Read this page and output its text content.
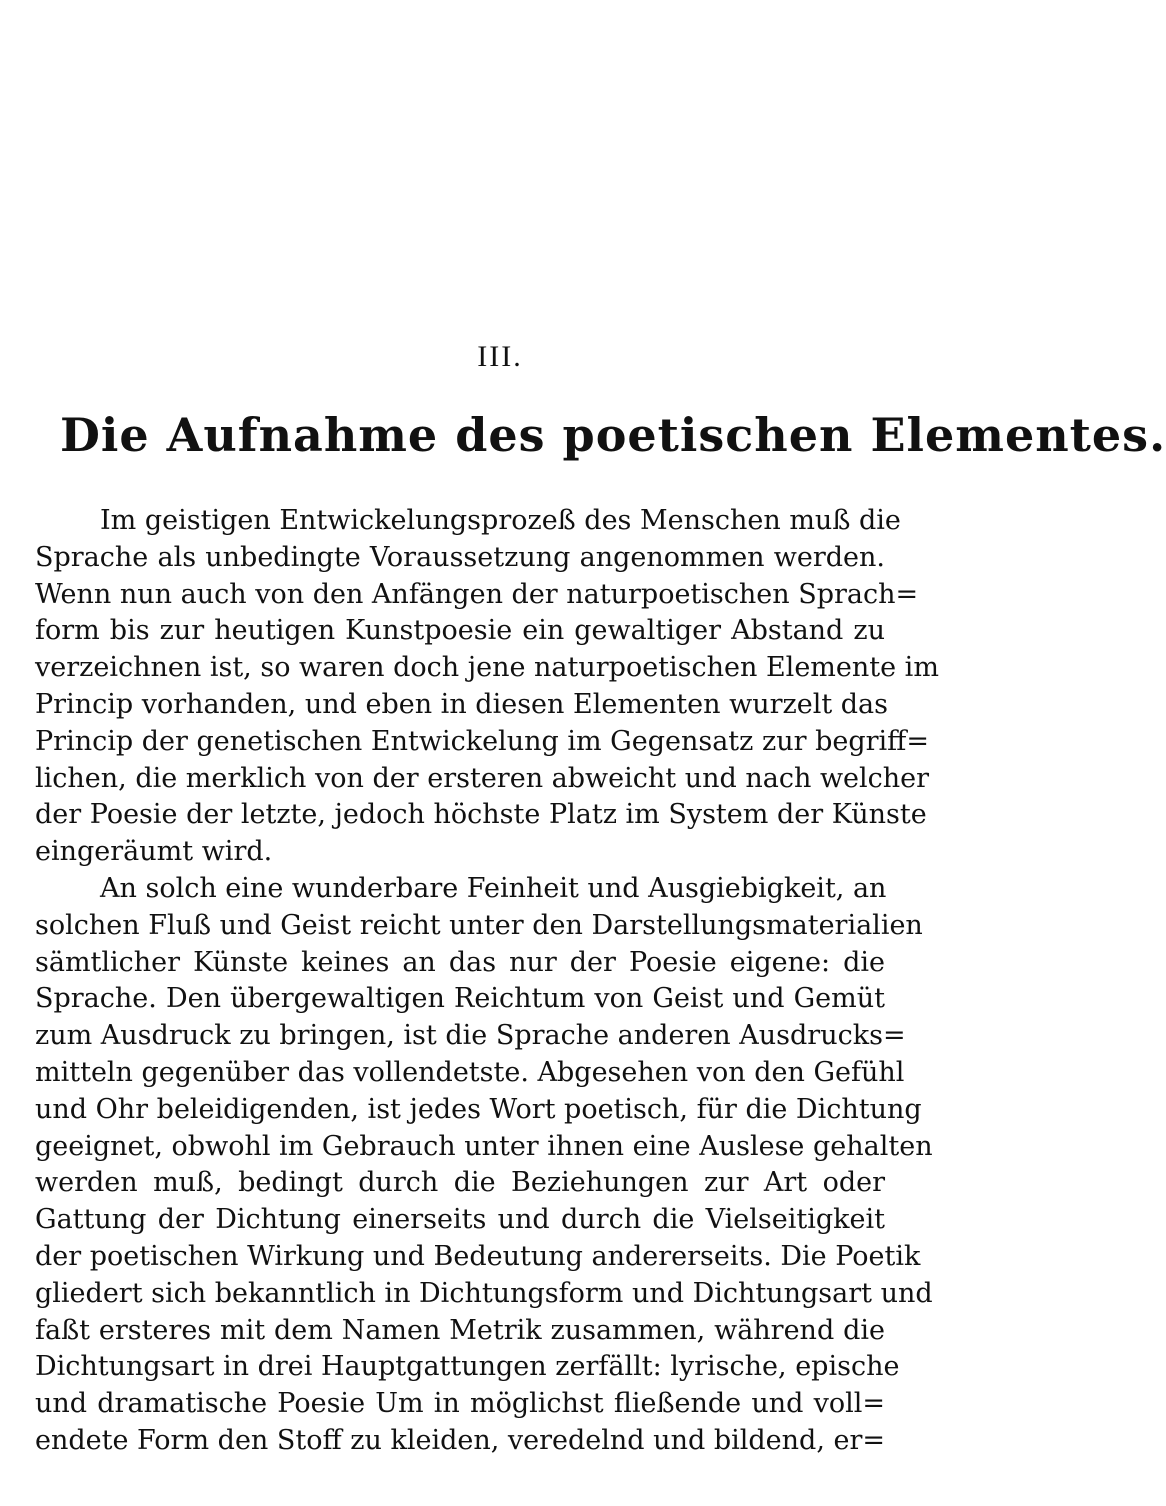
III.
Die Aufnahme des poetischen Elementes.
Im geistigen Entwickelungsprozeß des Menschen muß die
Sprache als unbedingte Voraussetzung angenommen werden.
Wenn nun auch von den Anfängen der naturpoetischen Sprach=
form bis zur heutigen Kunstpoesie ein gewaltiger Abstand zu
verzeichnen ist, so waren doch jene naturpoetischen Elemente im
Princip vorhanden, und eben in diesen Elementen wurzelt das
Princip der genetischen Entwickelung im Gegensatz zur begriff=
lichen, die merklich von der ersteren abweicht und nach welcher
der Poesie der letzte, jedoch höchste Platz im System der Künste
eingeräumt wird.
An solch eine wunderbare Feinheit und Ausgiebigkeit, an
solchen Fluß und Geist reicht unter den Darstellungsmaterialien
sämtlicher Künste keines an das nur der Poesie eigene: die
Sprache. Den übergewaltigen Reichtum von Geist und Gemüt
zum Ausdruck zu bringen, ist die Sprache anderen Ausdrucks=
mitteln gegenüber das vollendetste. Abgesehen von den Gefühl
und Ohr beleidigenden, ist jedes Wort poetisch, für die Dichtung
geeignet, obwohl im Gebrauch unter ihnen eine Auslese gehalten
werden muß, bedingt durch die Beziehungen zur Art oder
Gattung der Dichtung einerseits und durch die Vielseitigkeit
der poetischen Wirkung und Bedeutung andererseits. Die Poetik
gliedert sich bekanntlich in Dichtungsform und Dichtungsart und
faßt ersteres mit dem Namen Metrik zusammen, während die
Dichtungsart in drei Hauptgattungen zerfällt: lyrische, epische
und dramatische Poesie Um in möglichst fließende und voll=
endete Form den Stoff zu kleiden, veredelnd und bildend, er=
